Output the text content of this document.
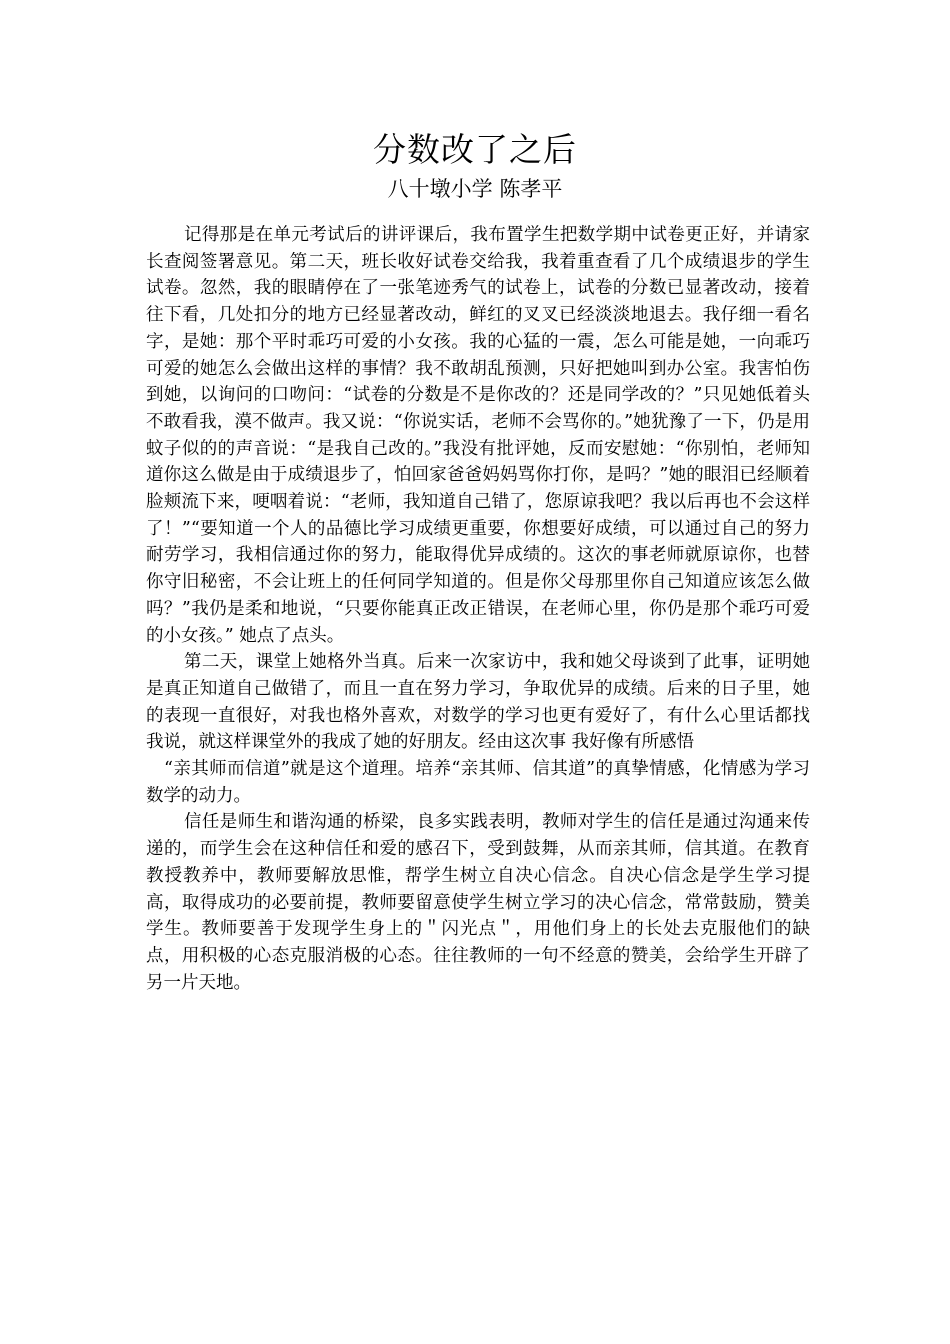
分数改了之后
八十墩小学 陈孝平

记得那是在单元考试后的讲评课后，我布置学生把数学期中试卷更正好，并请家长查阅签署意见。第二天，班长收好试卷交给我，我着重查看了几个成绩退步的学生试卷。忽然，我的眼睛停在了一张笔迹秀气的试卷上，试卷的分数已显著改动，接着往下看，几处扣分的地方已经显著改动，鲜红的叉叉已经淡淡地退去。我仔细一看名字，是她：那个平时乖巧可爱的小女孩。我的心猛的一震，怎么可能是她，一向乖巧可爱的她怎么会做出这样的事情？我不敢胡乱预测，只好把她叫到办公室。我害怕伤到她，以询问的口吻问：“试卷的分数是不是你改的？还是同学改的？”只见她低着头不敢看我，漠不做声。我又说：“你说实话，老师不会骂你的。”她犹豫了一下，仍是用蚊子似的的声音说：“是我自己改的。”我没有批评她，反而安慰她：“你别怕，老师知道你这么做是由于成绩退步了，怕回家爸爸妈妈骂你打你，是吗？”她的眼泪已经顺着脸颊流下来，哽咽着说：“老师，我知道自己错了，您原谅我吧？我以后再也不会这样了！”“要知道一个人的品德比学习成绩更重要，你想要好成绩，可以通过自己的努力耐劳学习，我相信通过你的努力，能取得优异成绩的。这次的事老师就原谅你，也替你守旧秘密，不会让班上的任何同学知道的。但是你父母那里你自己知道应该怎么做吗？”我仍是柔和地说，“只要你能真正改正错误，在老师心里，你仍是那个乖巧可爱的小女孩。” 她点了点头。

第二天，课堂上她格外当真。后来一次家访中，我和她父母谈到了此事，证明她是真正知道自己做错了，而且一直在努力学习，争取优异的成绩。后来的日子里，她的表现一直很好，对我也格外喜欢，对数学的学习也更有爱好了，有什么心里话都找我说，就这样课堂外的我成了她的好朋友。经由这次事 我好像有所感悟

“亲其师而信道”就是这个道理。培养“亲其师、信其道”的真挚情感，化情感为学习数学的动力。

信任是师生和谐沟通的桥梁，良多实践表明，教师对学生的信任是通过沟通来传递的，而学生会在这种信任和爱的感召下，受到鼓舞，从而亲其师，信其道。在教育教授教养中，教师要解放思惟，帮学生树立自决心信念。自决心信念是学生学习提高，取得成功的必要前提，教师要留意使学生树立学习的决心信念，常常鼓励，赞美学生。教师要善于发现学生身上的＂闪光点＂，用他们身上的长处去克服他们的缺点，用积极的心态克服消极的心态。往往教师的一句不经意的赞美，会给学生开辟了另一片天地。
